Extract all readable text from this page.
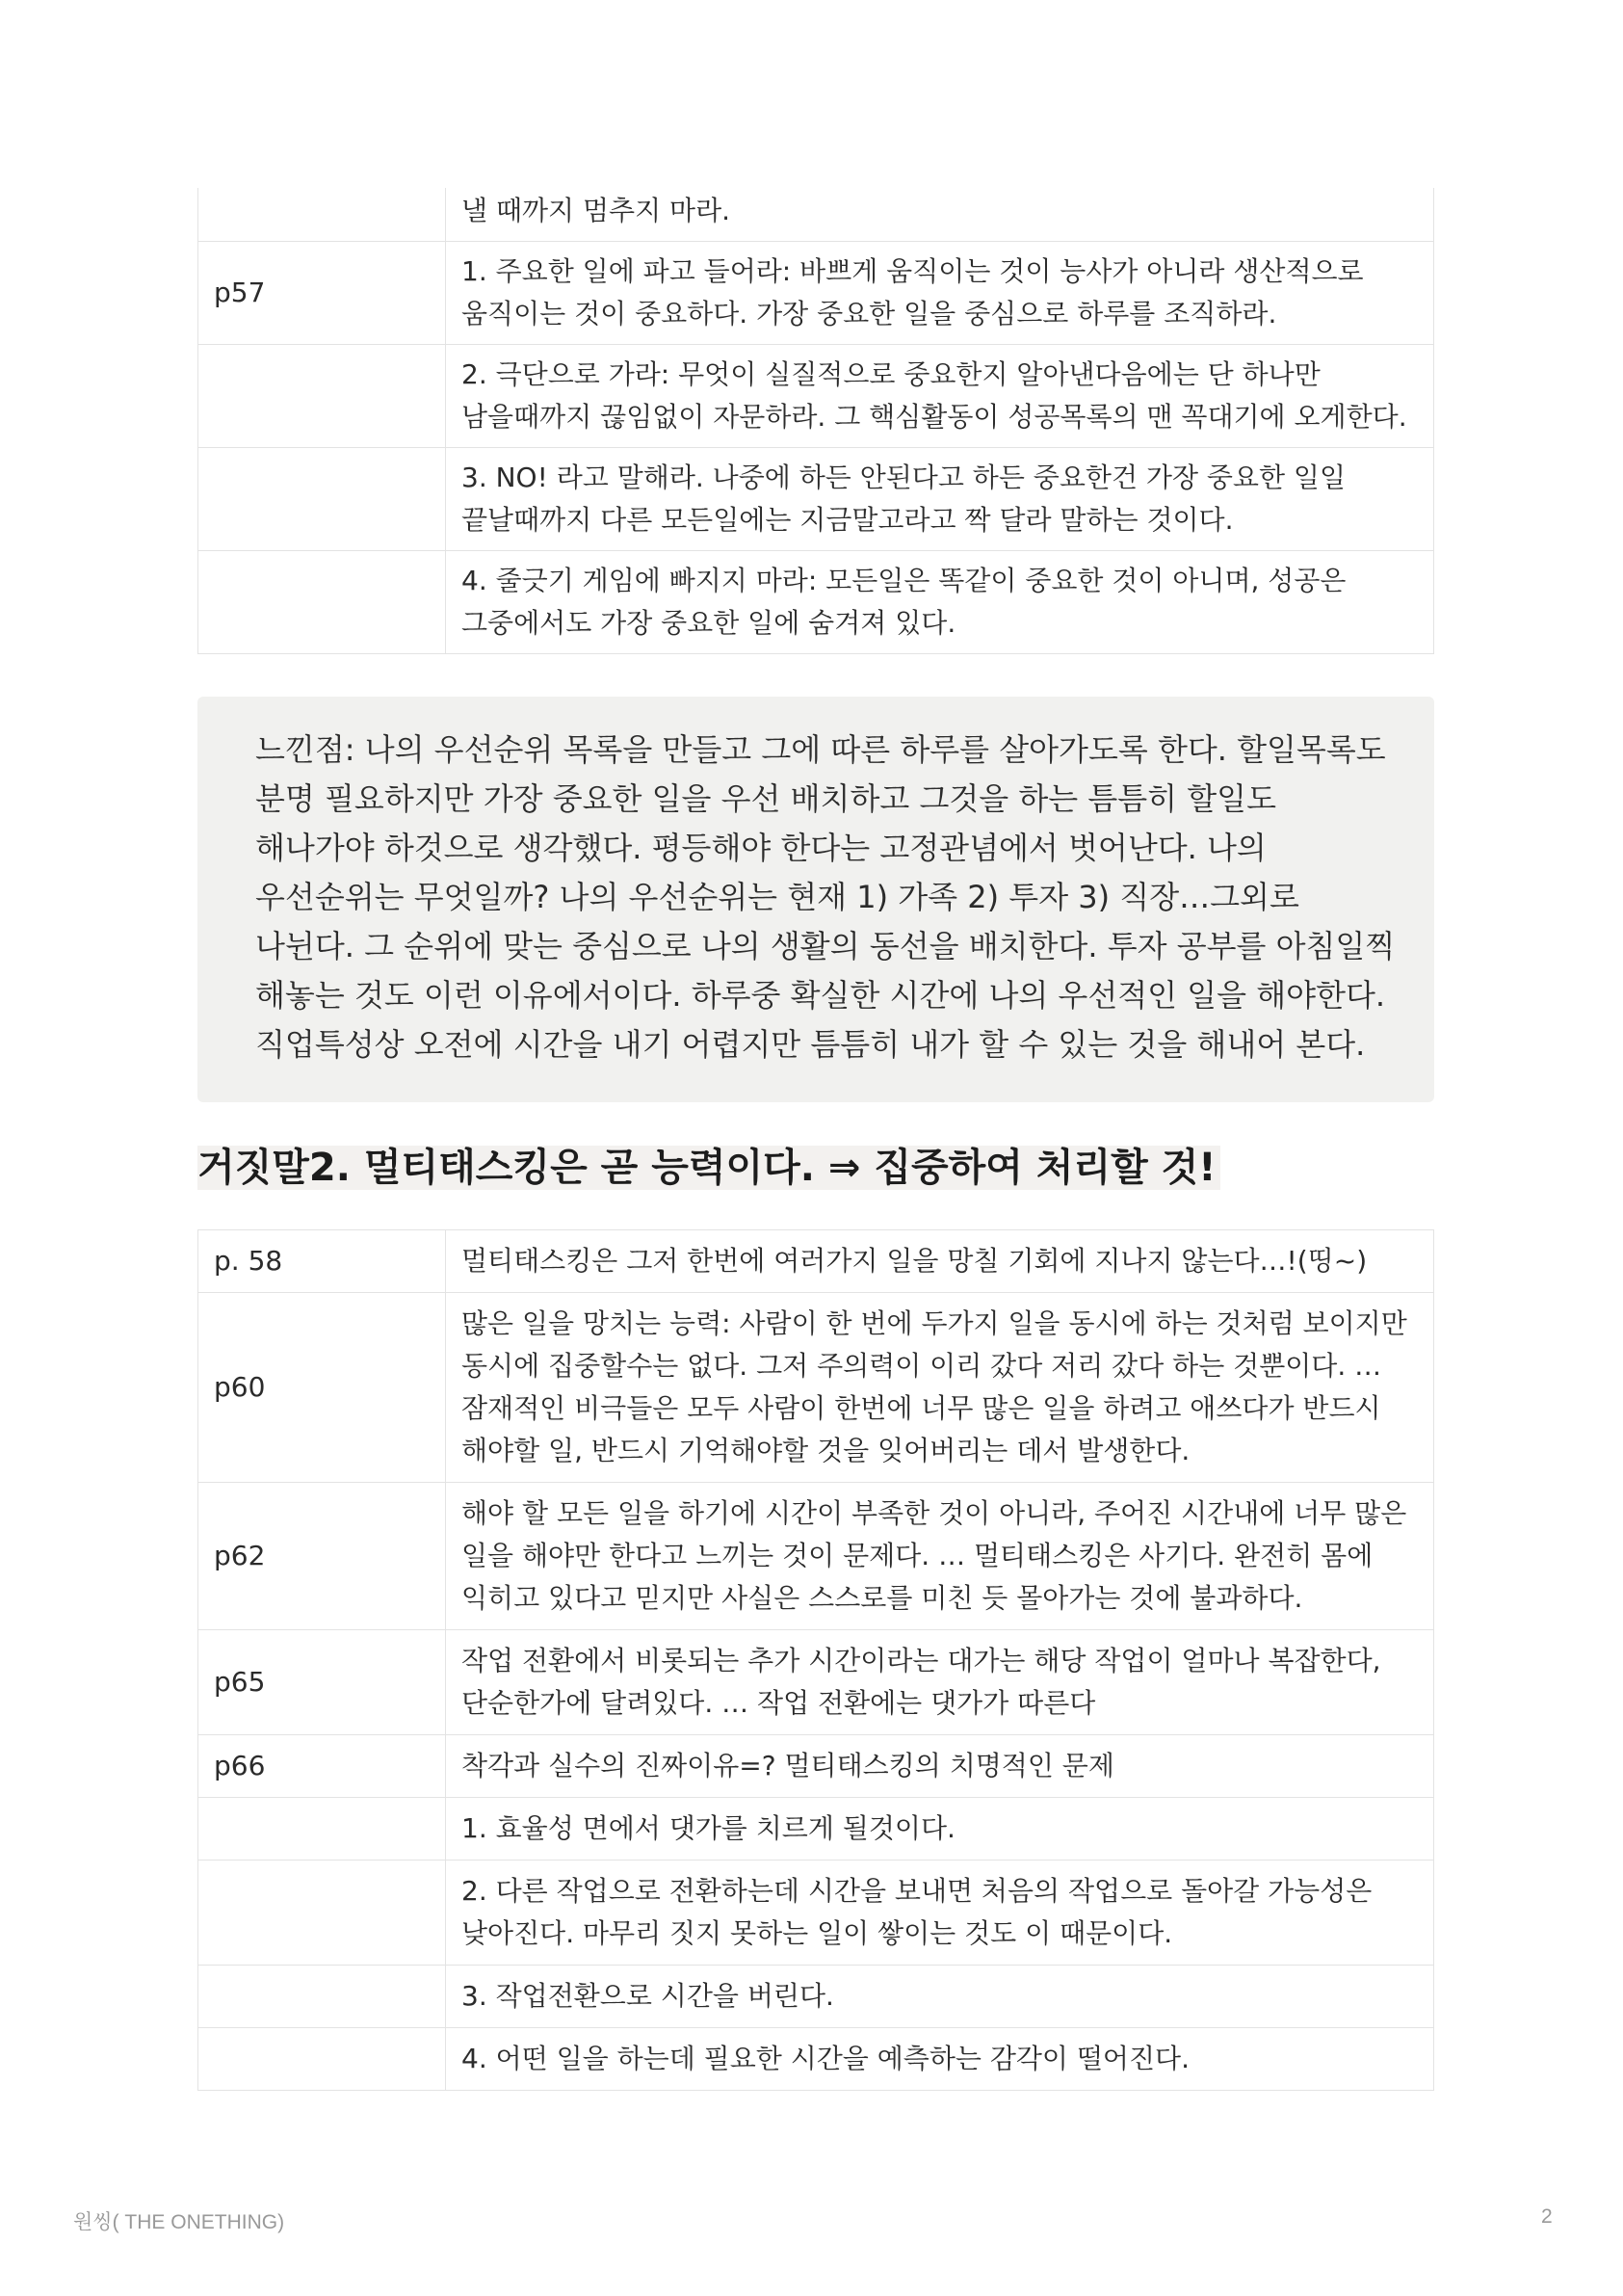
	낼 때까지 멈추지 마라.
p57	1. 주요한 일에 파고 들어라: 바쁘게 움직이는 것이 능사가 아니라 생산적으로 움직이는 것이 중요하다. 가장 중요한 일을 중심으로 하루를 조직하라.
	2. 극단으로 가라: 무엇이 실질적으로 중요한지 알아낸다음에는 단 하나만 남을때까지 끊임없이 자문하라. 그 핵심활동이 성공목록의 맨 꼭대기에 오게한다.
	3. NO! 라고 말해라. 나중에 하든 안된다고 하든 중요한건 가장 중요한 일일 끝날때까지 다른 모든일에는 지금말고라고 짝 달라 말하는 것이다.
	4. 줄긋기 게임에 빠지지 마라: 모든일은 똑같이 중요한 것이 아니며, 성공은 그중에서도 가장 중요한 일에 숨겨져 있다.
느낀점: 나의 우선순위 목록을 만들고 그에 따른 하루를 살아가도록 한다. 할일목록도 분명 필요하지만 가장 중요한 일을 우선 배치하고 그것을 하는 틈틈히 할일도 해나가야 하것으로 생각했다. 평등해야 한다는 고정관념에서 벗어난다. 나의 우선순위는 무엇일까? 나의 우선순위는 현재 1) 가족 2) 투자 3) 직장…그외로 나뉜다. 그 순위에 맞는 중심으로 나의 생활의 동선을 배치한다. 투자 공부를 아침일찍 해놓는 것도 이런 이유에서이다. 하루중 확실한 시간에 나의 우선적인 일을 해야한다. 직업특성상 오전에 시간을 내기 어렵지만 틈틈히 내가 할 수 있는 것을 해내어 본다.
거짓말2. 멀티태스킹은 곧 능력이다. ⇒ 집중하여 처리할 것!
p. 58	멀티태스킹은 그저 한번에 여러가지 일을 망칠 기회에 지나지 않는다…!(띵~)
p60	많은 일을 망치는 능력: 사람이 한 번에 두가지 일을 동시에 하는 것처럼 보이지만 동시에 집중할수는 없다. 그저 주의력이 이리 갔다 저리 갔다 하는 것뿐이다. … 잠재적인 비극들은 모두 사람이 한번에 너무 많은 일을 하려고 애쓰다가 반드시 해야할 일, 반드시 기억해야할 것을 잊어버리는 데서 발생한다.
p62	해야 할 모든 일을 하기에 시간이 부족한 것이 아니라, 주어진 시간내에 너무 많은 일을 해야만 한다고 느끼는 것이 문제다. … 멀티태스킹은 사기다. 완전히 몸에 익히고 있다고 믿지만 사실은 스스로를 미친 듯 몰아가는 것에 불과하다.
p65	작업 전환에서 비롯되는 추가 시간이라는 대가는 해당 작업이 얼마나 복잡한다, 단순한가에 달려있다. … 작업 전환에는 댓가가 따른다
p66	착각과 실수의 진짜이유=? 멀티태스킹의 치명적인 문제
	1. 효율성 면에서 댓가를 치르게 될것이다.
	2. 다른 작업으로 전환하는데 시간을 보내면 처음의 작업으로 돌아갈 가능성은 낮아진다. 마무리 짓지 못하는 일이 쌓이는 것도 이 때문이다.
	3. 작업전환으로 시간을 버린다.
	4. 어떤 일을 하는데 필요한 시간을 예측하는 감각이 떨어진다.
원씽( THE ONETHING)	2
